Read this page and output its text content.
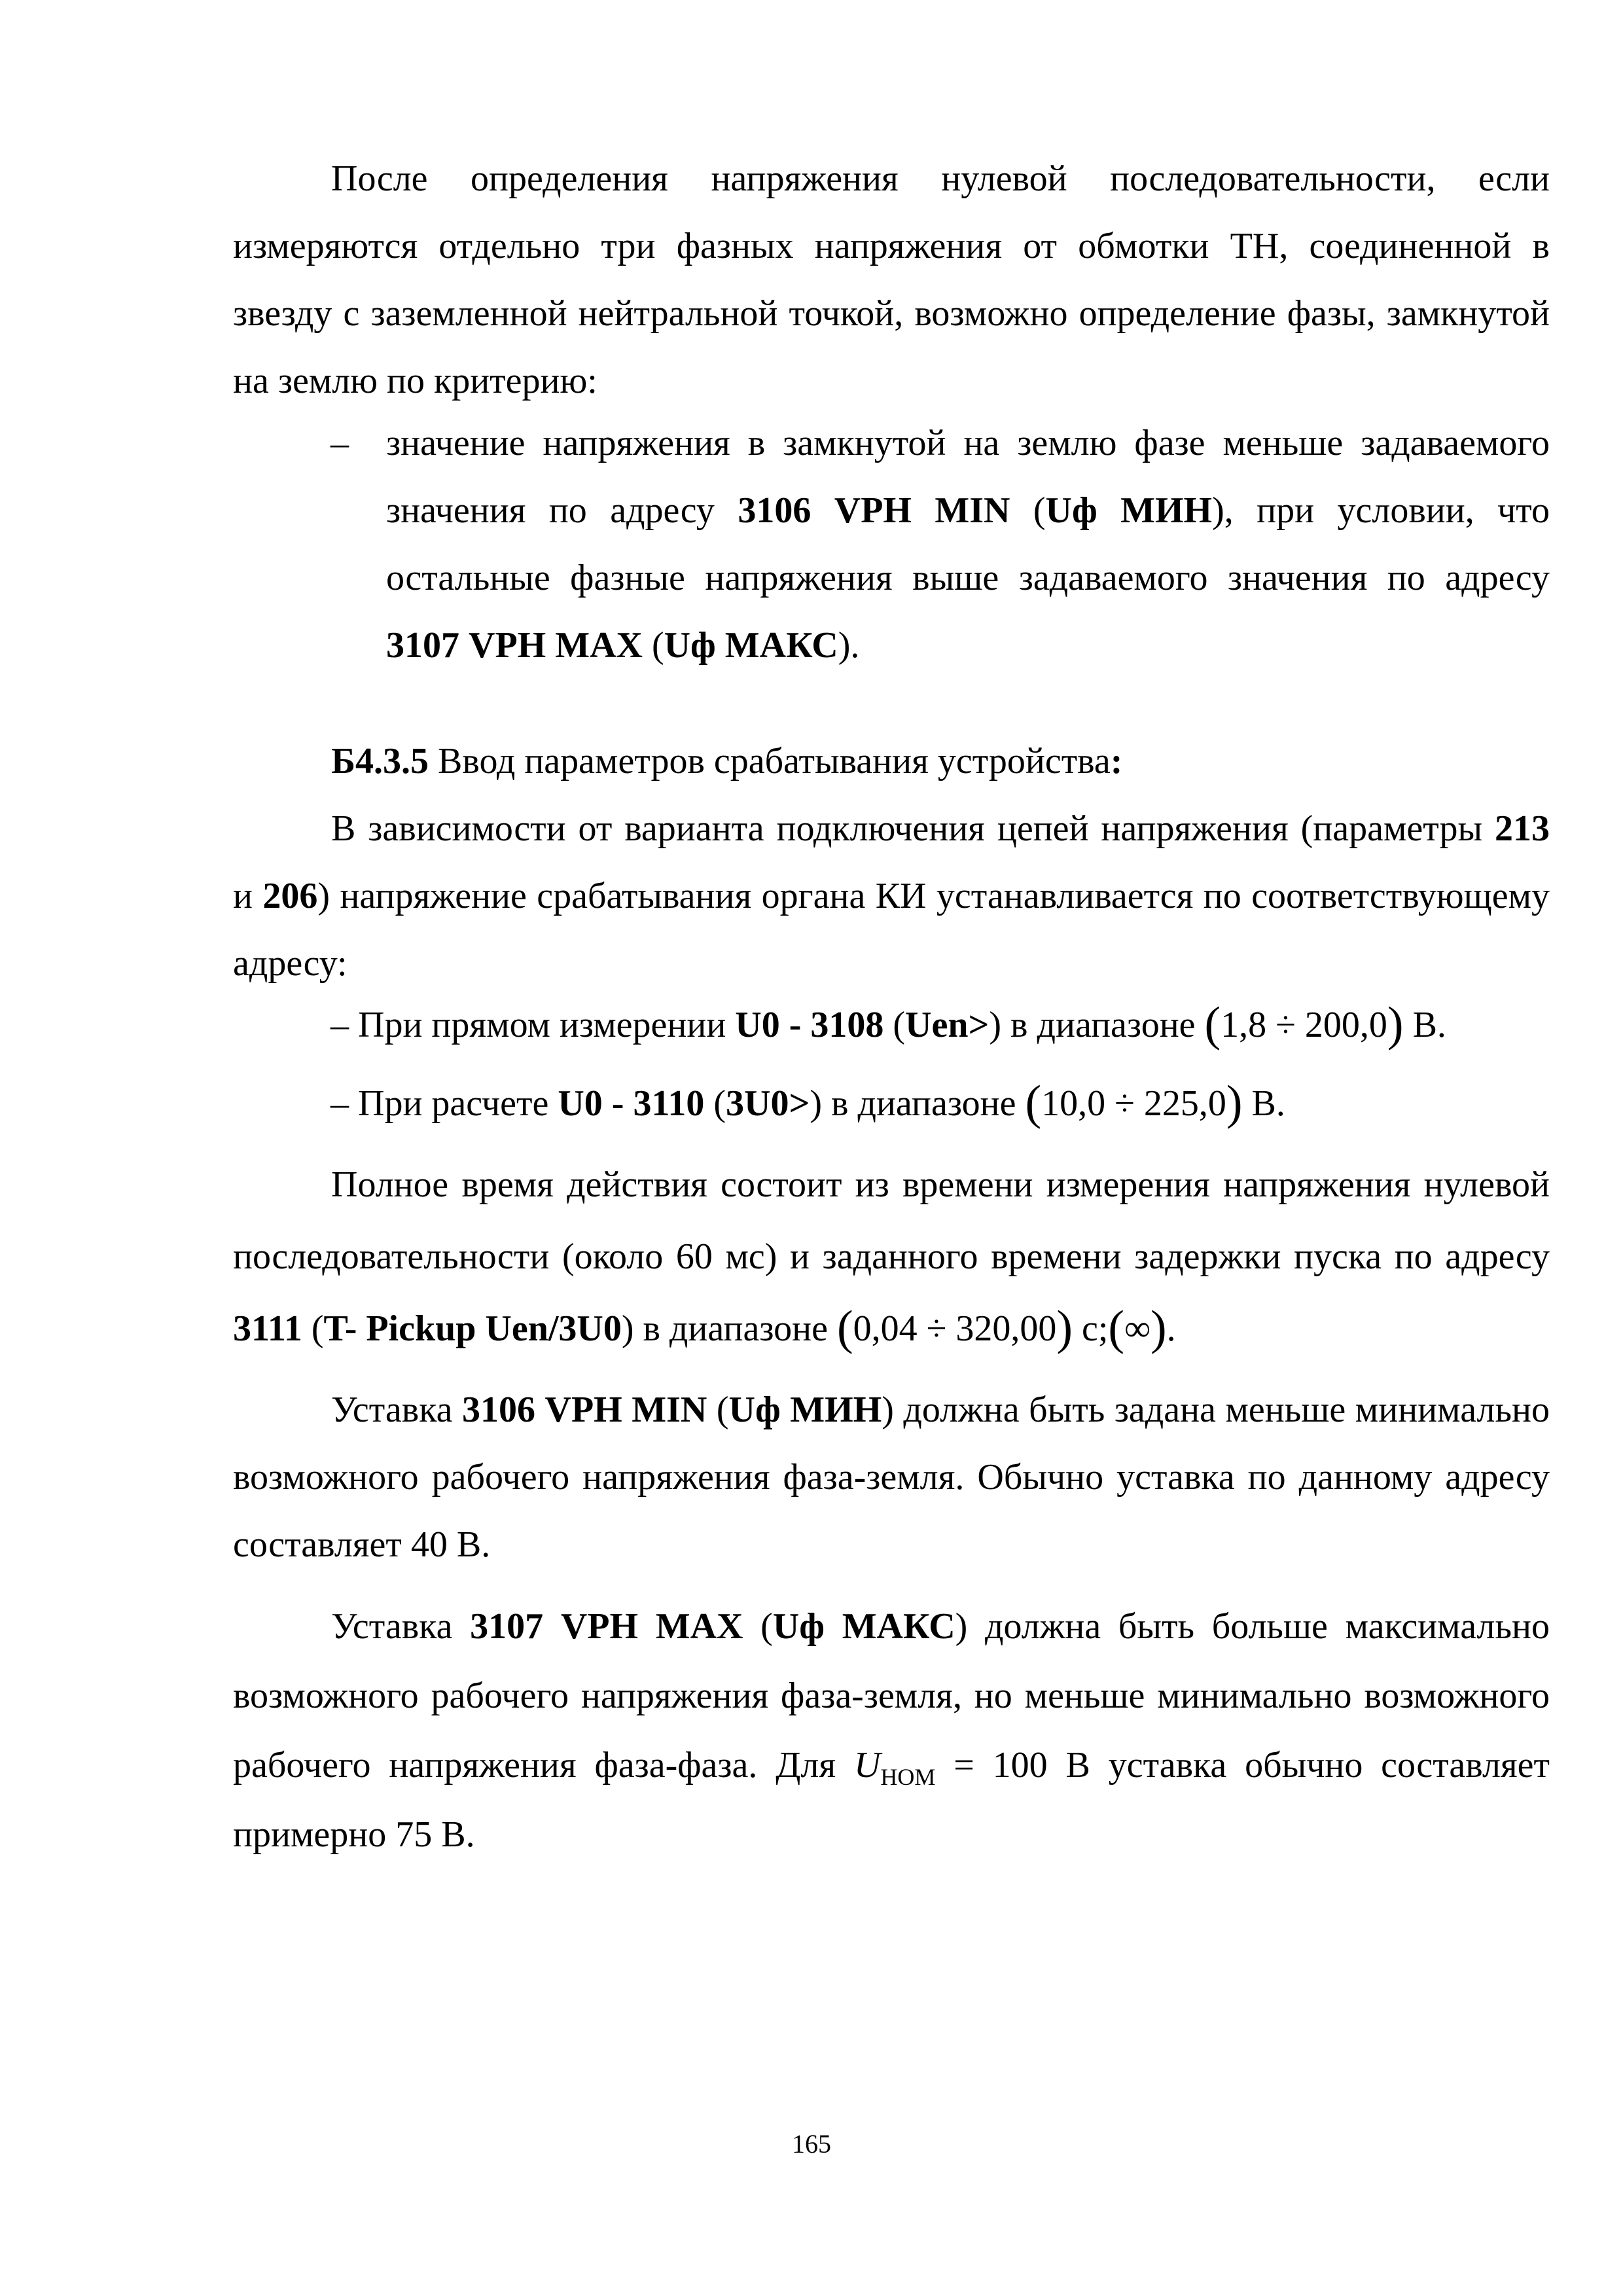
После определения напряжения нулевой последовательности, если измеряются отдельно три фазных напряжения от обмотки ТН, соединенной в звезду с заземленной нейтральной точкой, возможно определение фазы, замкнутой на землю по критерию:

– значение напряжения в замкнутой на землю фазе меньше задаваемого значения по адресу 3106 VPH MIN (Uф МИН), при условии, что остальные фазные напряжения выше задаваемого значения по адресу 3107 VPH MAX (Uф МАКС).

Б4.3.5 Ввод параметров срабатывания устройства:

В зависимости от варианта подключения цепей напряжения (параметры 213 и 206) напряжение срабатывания органа КИ устанавливается по соответствующему адресу:

– При прямом измерении U0 - 3108 (Uen>) в диапазоне (1,8 ÷ 200,0) В.

– При расчете U0 - 3110 (3U0>) в диапазоне (10,0 ÷ 225,0) В.

Полное время действия состоит из времени измерения напряжения нулевой последовательности (около 60 мс) и заданного времени задержки пуска по адресу 3111 (T- Pickup Uen/3U0) в диапазоне (0,04 ÷ 320,00) с;(∞).

Уставка 3106 VPH MIN (Uф МИН) должна быть задана меньше минимально возможного рабочего напряжения фаза-земля. Обычно уставка по данному адресу составляет 40 В.

Уставка 3107 VPH MAX (Uф МАКС) должна быть больше максимально возможного рабочего напряжения фаза-земля, но меньше минимально возможного рабочего напряжения фаза-фаза. Для $U_{НОМ} = 100$ В уставка обычно составляет примерно 75 В.

165
